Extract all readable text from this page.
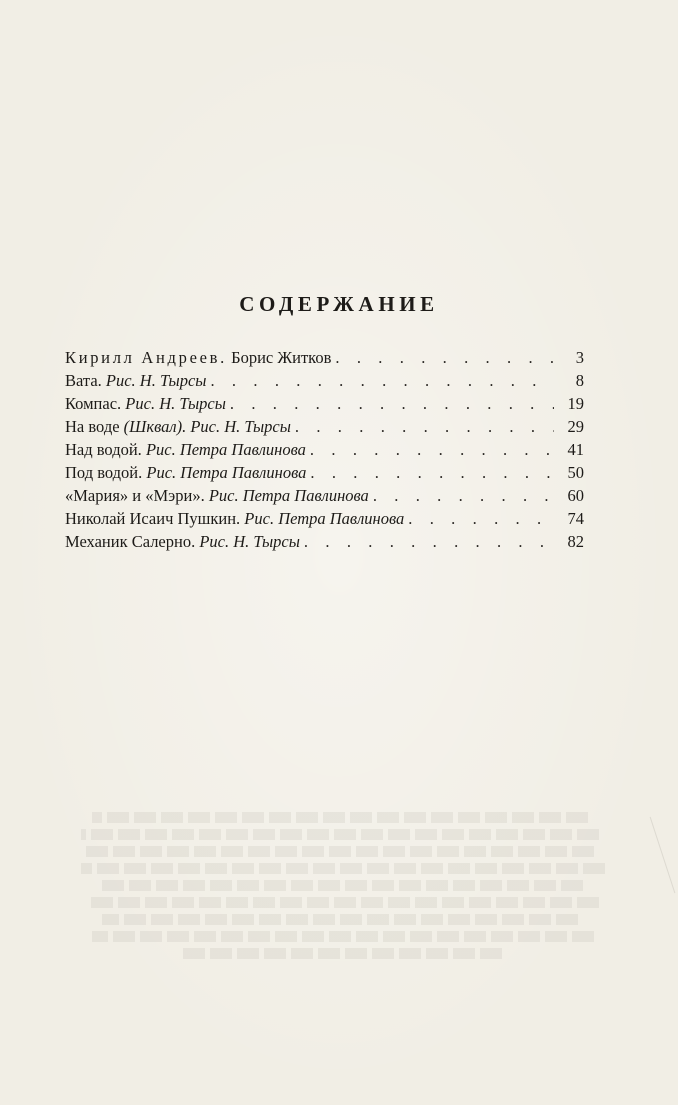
СОДЕРЖАНИЕ
Кирилл Андреев. Борис Житков . . .	3
Вата. Рис. Н. Тырсы . . .	8
Компас. Рис. Н. Тырсы . . .	19
На воде (Шквал). Рис. Н. Тырсы . . .	29
Над водой. Рис. Петра Павлинова . . .	41
Под водой. Рис. Петра Павлинова . . .	50
«Мария» и «Мэри». Рис. Петра Павлинова . . .	60
Николай Исаич Пушкин. Рис. Петра Павлинова . . .	74
Механик Салерно. Рис. Н. Тырсы . . .	82
